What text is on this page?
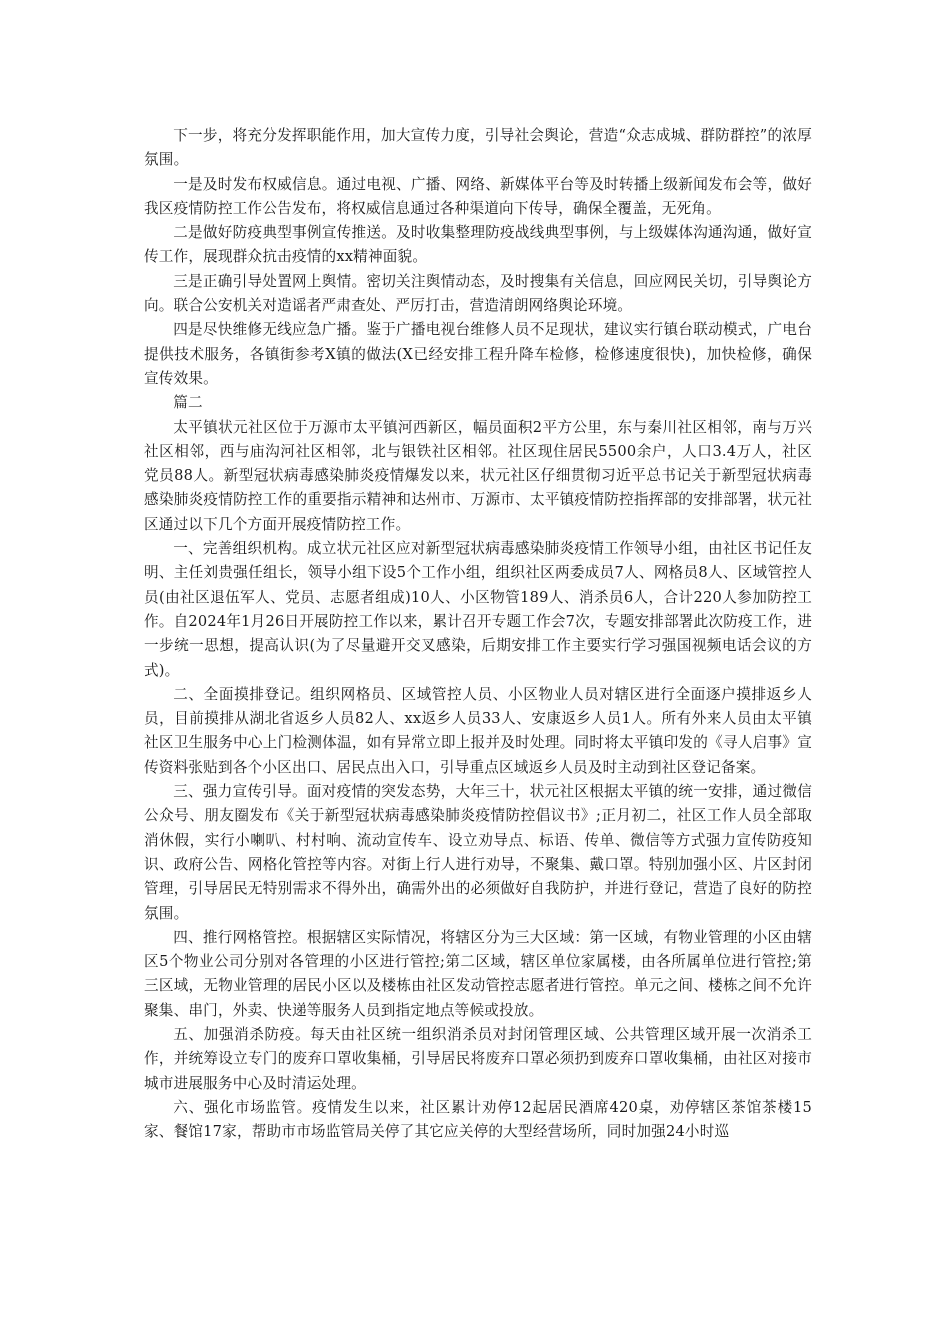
下一步，将充分发挥职能作用，加大宣传力度，引导社会舆论，营造“众志成城、群防群控”的浓厚氛围。

一是及时发布权威信息。通过电视、广播、网络、新媒体平台等及时转播上级新闻发布会等，做好我区疫情防控工作公告发布，将权威信息通过各种渠道向下传导，确保全覆盖，无死角。

二是做好防疫典型事例宣传推送。及时收集整理防疫战线典型事例，与上级媒体沟通沟通，做好宣传工作，展现群众抗击疫情的xx精神面貌。

三是正确引导处置网上舆情。密切关注舆情动态，及时搜集有关信息，回应网民关切，引导舆论方向。联合公安机关对造谣者严肃查处、严厉打击，营造清朗网络舆论环境。

四是尽快维修无线应急广播。鉴于广播电视台维修人员不足现状，建议实行镇台联动模式，广电台提供技术服务，各镇街参考X镇的做法(X已经安排工程升降车检修，检修速度很快)，加快检修，确保宣传效果。

篇二

太平镇状元社区位于万源市太平镇河西新区，幅员面积2平方公里，东与秦川社区相邻，南与万兴社区相邻，西与庙沟河社区相邻，北与银铁社区相邻。社区现住居民5500余户，人口3.4万人，社区党员88人。新型冠状病毒感染肺炎疫情爆发以来，状元社区仔细贯彻习近平总书记关于新型冠状病毒感染肺炎疫情防控工作的重要指示精神和达州市、万源市、太平镇疫情防控指挥部的安排部署，状元社区通过以下几个方面开展疫情防控工作。

一、完善组织机构。成立状元社区应对新型冠状病毒感染肺炎疫情工作领导小组，由社区书记任友明、主任刘贵强任组长，领导小组下设5个工作小组，组织社区两委成员7人、网格员8人、区域管控人员(由社区退伍军人、党员、志愿者组成)10人、小区物管189人、消杀员6人，合计220人参加防控工作。自2024年1月26日开展防控工作以来，累计召开专题工作会7次，专题安排部署此次防疫工作，进一步统一思想，提高认识(为了尽量避开交叉感染，后期安排工作主要实行学习强国视频电话会议的方式)。

二、全面摸排登记。组织网格员、区域管控人员、小区物业人员对辖区进行全面逐户摸排返乡人员，目前摸排从湖北省返乡人员82人、xx返乡人员33人、安康返乡人员1人。所有外来人员由太平镇社区卫生服务中心上门检测体温，如有异常立即上报并及时处理。同时将太平镇印发的《寻人启事》宣传资料张贴到各个小区出口、居民点出入口，引导重点区域返乡人员及时主动到社区登记备案。

三、强力宣传引导。面对疫情的突发态势，大年三十，状元社区根据太平镇的统一安排，通过微信公众号、朋友圈发布《关于新型冠状病毒感染肺炎疫情防控倡议书》;正月初二，社区工作人员全部取消休假，实行小喇叭、村村响、流动宣传车、设立劝导点、标语、传单、微信等方式强力宣传防疫知识、政府公告、网格化管控等内容。对街上行人进行劝导，不聚集、戴口罩。特别加强小区、片区封闭管理，引导居民无特别需求不得外出，确需外出的必须做好自我防护，并进行登记，营造了良好的防控氛围。

四、推行网格管控。根据辖区实际情况，将辖区分为三大区域：第一区域，有物业管理的小区由辖区5个物业公司分别对各管理的小区进行管控;第二区域，辖区单位家属楼，由各所属单位进行管控;第三区域，无物业管理的居民小区以及楼栋由社区发动管控志愿者进行管控。单元之间、楼栋之间不允许聚集、串门，外卖、快递等服务人员到指定地点等候或投放。

五、加强消杀防疫。每天由社区统一组织消杀员对封闭管理区域、公共管理区域开展一次消杀工作，并统筹设立专门的废弃口罩收集桶，引导居民将废弃口罩必须扔到废弃口罩收集桶，由社区对接市城市进展服务中心及时清运处理。

六、强化市场监管。疫情发生以来，社区累计劝停12起居民酒席420桌，劝停辖区茶馆茶楼15家、餐馆17家，帮助市市场监管局关停了其它应关停的大型经营场所，同时加强24小时巡
